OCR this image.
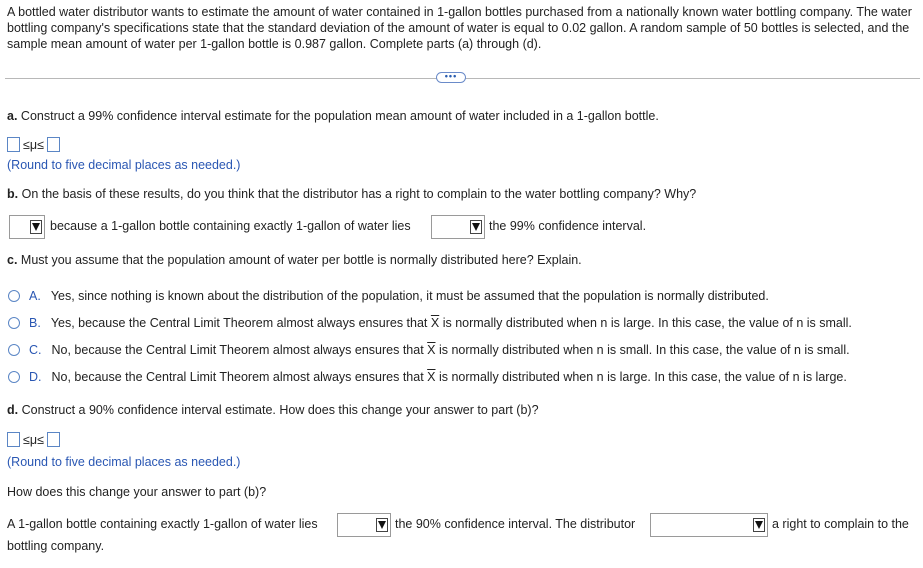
A bottled water distributor wants to estimate the amount of water contained in 1-gallon bottles purchased from a nationally known water bottling company. The water bottling company's specifications state that the standard deviation of the amount of water is equal to 0.02 gallon. A random sample of 50 bottles is selected, and the sample mean amount of water per 1-gallon bottle is 0.987 gallon. Complete parts (a) through (d).
•••
a. Construct a 99% confidence interval estimate for the population mean amount of water included in a 1-gallon bottle.
≤μ≤
(Round to five decimal places as needed.)
b. On the basis of these results, do you think that the distributor has a right to complain to the water bottling company? Why?
because a 1-gallon bottle containing exactly 1-gallon of water lies	the 99% confidence interval.
c. Must you assume that the population amount of water per bottle is normally distributed here? Explain.
A. Yes, since nothing is known about the distribution of the population, it must be assumed that the population is normally distributed.
B. Yes, because the Central Limit Theorem almost always ensures that $\overline{X}$ is normally distributed when n is large. In this case, the value of n is small.
C. No, because the Central Limit Theorem almost always ensures that $\overline{X}$ is normally distributed when n is small. In this case, the value of n is small.
D. No, because the Central Limit Theorem almost always ensures that $\overline{X}$ is normally distributed when n is large. In this case, the value of n is large.
d. Construct a 90% confidence interval estimate. How does this change your answer to part (b)?
≤μ≤
(Round to five decimal places as needed.)
How does this change your answer to part (b)?
A 1-gallon bottle containing exactly 1-gallon of water lies	the 90% confidence interval. The distributor	a right to complain to the
bottling company.
